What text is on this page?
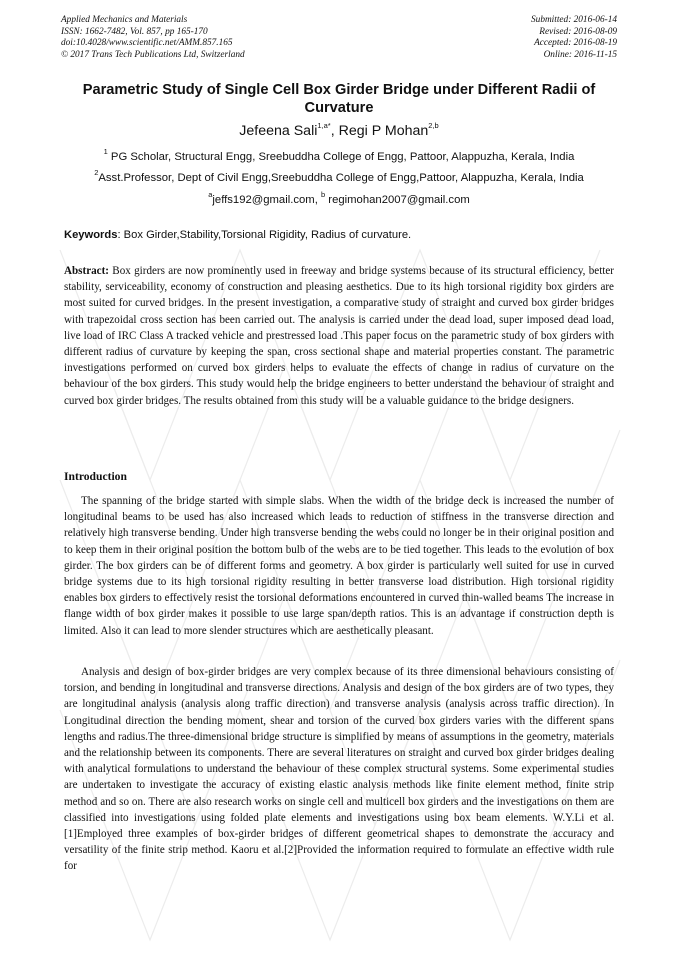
Applied Mechanics and Materials
ISSN: 1662-7482, Vol. 857, pp 165-170
doi:10.4028/www.scientific.net/AMM.857.165
© 2017 Trans Tech Publications Ltd, Switzerland
Submitted: 2016-06-14
Revised: 2016-08-09
Accepted: 2016-08-19
Online: 2016-11-15
Parametric Study of Single Cell Box Girder Bridge under Different Radii of Curvature
Jefeena Sali$^{1,a*}$, Regi P Mohan$^{2,b}$
$^1$ PG Scholar, Structural Engg, Sreebuddha College of Engg, Pattoor, Alappuzha, Kerala, India
$^2$Asst.Professor, Dept of Civil Engg,Sreebuddha College of Engg,Pattoor, Alappuzha, Kerala, India
$^a$jeffs192@gmail.com, $^b$ regimohan2007@gmail.com
Keywords: Box Girder,Stability,Torsional Rigidity, Radius of curvature.
Abstract: Box girders are now prominently used in freeway and bridge systems because of its structural efficiency, better stability, serviceability, economy of construction and pleasing aesthetics. Due to its high torsional rigidity box girders are most suited for curved bridges. In the present investigation, a comparative study of straight and curved box girder bridges with trapezoidal cross section has been carried out. The analysis is carried under the dead load, super imposed dead load, live load of IRC Class A tracked vehicle and prestressed load .This paper focus on the parametric study of box girders with different radius of curvature by keeping the span, cross sectional shape and material properties constant. The parametric investigations performed on curved box girders helps to evaluate the effects of change in radius of curvature on the behaviour of the box girders. This study would help the bridge engineers to better understand the behaviour of straight and curved box girder bridges. The results obtained from this study will be a valuable guidance to the bridge designers.
Introduction
The spanning of the bridge started with simple slabs. When the width of the bridge deck is increased the number of longitudinal beams to be used has also increased which leads to reduction of stiffness in the transverse direction and relatively high transverse bending. Under high transverse bending the webs could no longer be in their original position and to keep them in their original position the bottom bulb of the webs are to be tied together. This leads to the evolution of box girder. The box girders can be of different forms and geometry. A box girder is particularly well suited for use in curved bridge systems due to its high torsional rigidity resulting in better transverse load distribution. High torsional rigidity enables box girders to effectively resist the torsional deformations encountered in curved thin-walled beams The increase in flange width of box girder makes it possible to use large span/depth ratios. This is an advantage if construction depth is limited. Also it can lead to more slender structures which are aesthetically pleasant.
Analysis and design of box-girder bridges are very complex because of its three dimensional behaviours consisting of torsion, and bending in longitudinal and transverse directions. Analysis and design of the box girders are of two types, they are longitudinal analysis (analysis along traffic direction) and transverse analysis (analysis across traffic direction). In Longitudinal direction the bending moment, shear and torsion of the curved box girders varies with the different spans lengths and radius.The three-dimensional bridge structure is simplified by means of assumptions in the geometry, materials and the relationship between its components. There are several literatures on straight and curved box girder bridges dealing with analytical formulations to understand the behaviour of these complex structural systems. Some experimental studies are undertaken to investigate the accuracy of existing elastic analysis methods like finite element method, finite strip method and so on. There are also research works on single cell and multicell box girders and the investigations on them are classified into investigations using folded plate elements and investigations using box beam elements. W.Y.Li et al.[1]Employed three examples of box-girder bridges of different geometrical shapes to demonstrate the accuracy and versatility of the finite strip method. Kaoru et al.[2]Provided the information required to formulate an effective width rule for
